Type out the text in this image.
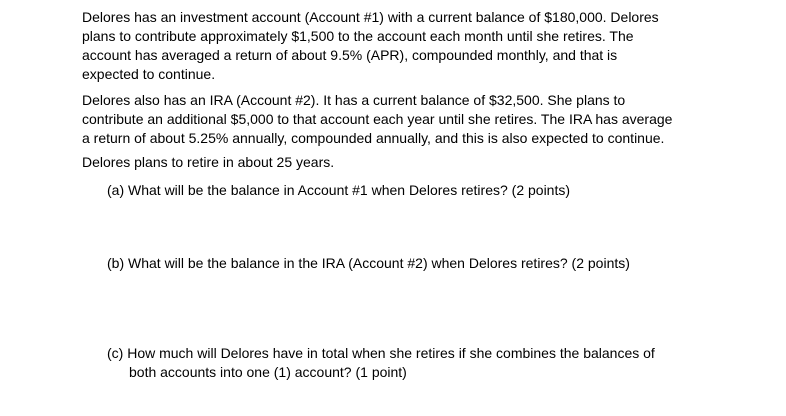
Delores has an investment account (Account #1) with a current balance of $180,000. Delores
plans to contribute approximately $1,500 to the account each month until she retires. The
account has averaged a return of about 9.5% (APR), compounded monthly, and that is
expected to continue.

Delores also has an IRA (Account #2). It has a current balance of $32,500. She plans to
contribute an additional $5,000 to that account each year until she retires. The IRA has average
a return of about 5.25% annually, compounded annually, and this is also expected to continue.

Delores plans to retire in about 25 years.

(a) What will be the balance in Account #1 when Delores retires? (2 points)

(b) What will be the balance in the IRA (Account #2) when Delores retires? (2 points)

(c) How much will Delores have in total when she retires if she combines the balances of
both accounts into one (1) account? (1 point)
